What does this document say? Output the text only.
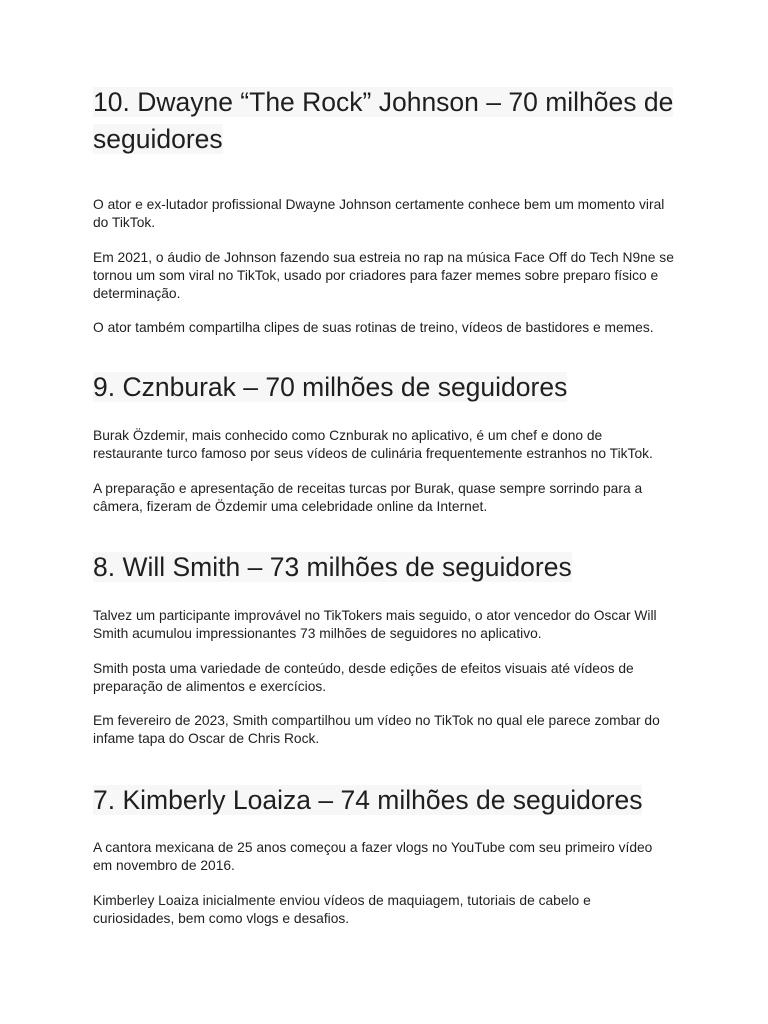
10. Dwayne “The Rock” Johnson – 70 milhões de seguidores

O ator e ex-lutador profissional Dwayne Johnson certamente conhece bem um momento viral do TikTok.

Em 2021, o áudio de Johnson fazendo sua estreia no rap na música Face Off do Tech N9ne se tornou um som viral no TikTok, usado por criadores para fazer memes sobre preparo físico e determinação.

O ator também compartilha clipes de suas rotinas de treino, vídeos de bastidores e memes.

9. Cznburak – 70 milhões de seguidores

Burak Özdemir, mais conhecido como Cznburak no aplicativo, é um chef e dono de restaurante turco famoso por seus vídeos de culinária frequentemente estranhos no TikTok.

A preparação e apresentação de receitas turcas por Burak, quase sempre sorrindo para a câmera, fizeram de Özdemir uma celebridade online da Internet.

8. Will Smith – 73 milhões de seguidores

Talvez um participante improvável no TikTokers mais seguido, o ator vencedor do Oscar Will Smith acumulou impressionantes 73 milhões de seguidores no aplicativo.

Smith posta uma variedade de conteúdo, desde edições de efeitos visuais até vídeos de preparação de alimentos e exercícios.

Em fevereiro de 2023, Smith compartilhou um vídeo no TikTok no qual ele parece zombar do infame tapa do Oscar de Chris Rock.

7. Kimberly Loaiza – 74 milhões de seguidores

A cantora mexicana de 25 anos começou a fazer vlogs no YouTube com seu primeiro vídeo em novembro de 2016.

Kimberley Loaiza inicialmente enviou vídeos de maquiagem, tutoriais de cabelo e curiosidades, bem como vlogs e desafios.
